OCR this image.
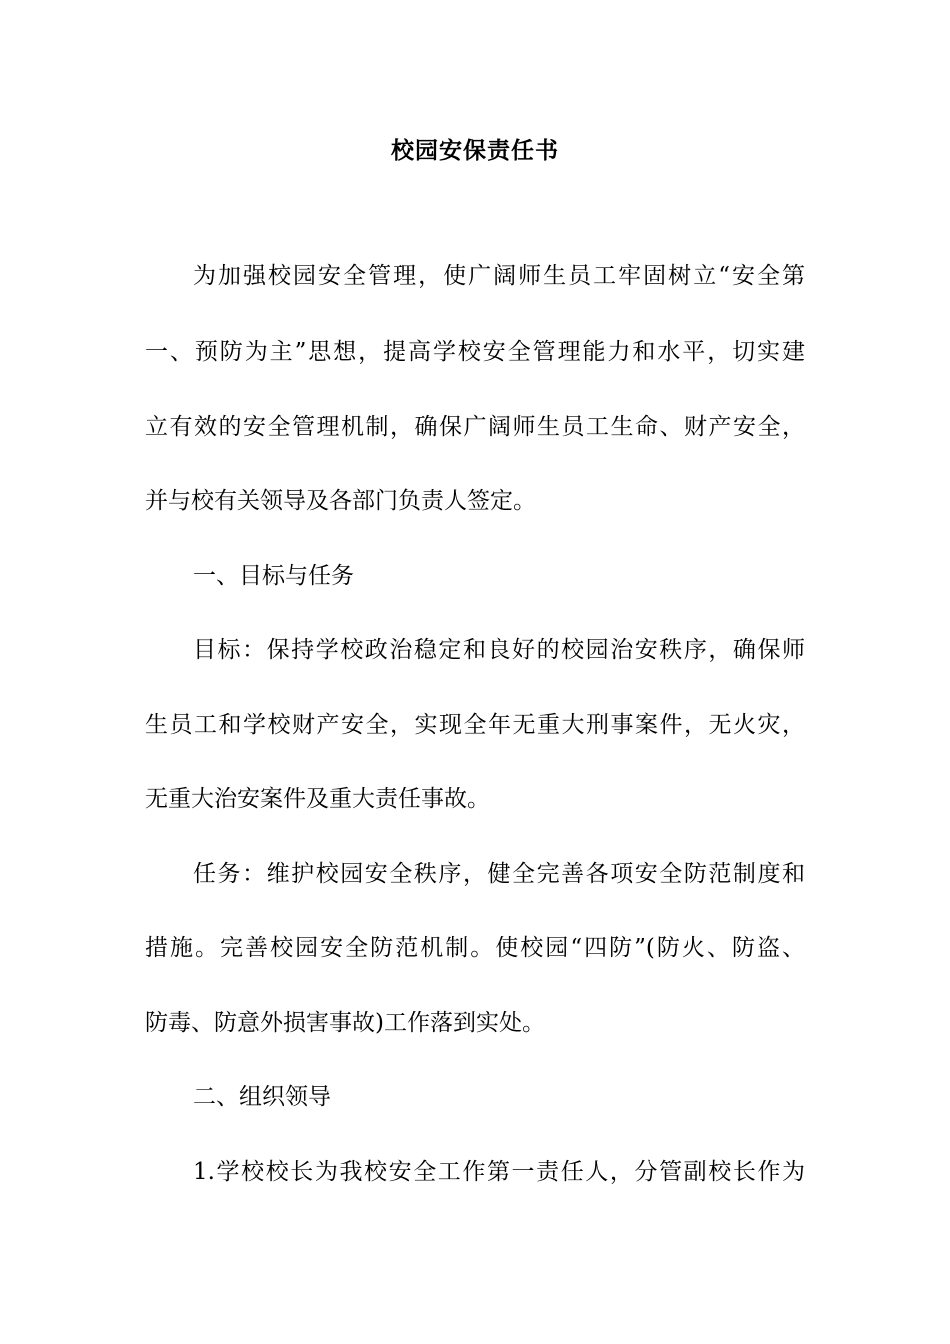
校园安保责任书
为加强校园安全管理，使广阔师生员工牢固树立“安全第
一、预防为主”思想，提高学校安全管理能力和水平，切实建
立有效的安全管理机制，确保广阔师生员工生命、财产安全，
并与校有关领导及各部门负责人签定。
一、目标与任务
目标：保持学校政治稳定和良好的校园治安秩序，确保师
生员工和学校财产安全，实现全年无重大刑事案件，无火灾，
无重大治安案件及重大责任事故。
任务：维护校园安全秩序，健全完善各项安全防范制度和
措施。完善校园安全防范机制。使校园“四防”(防火、防盗、
防毒、防意外损害事故)工作落到实处。
二、组织领导
1.学校校长为我校安全工作第一责任人，分管副校长作为
